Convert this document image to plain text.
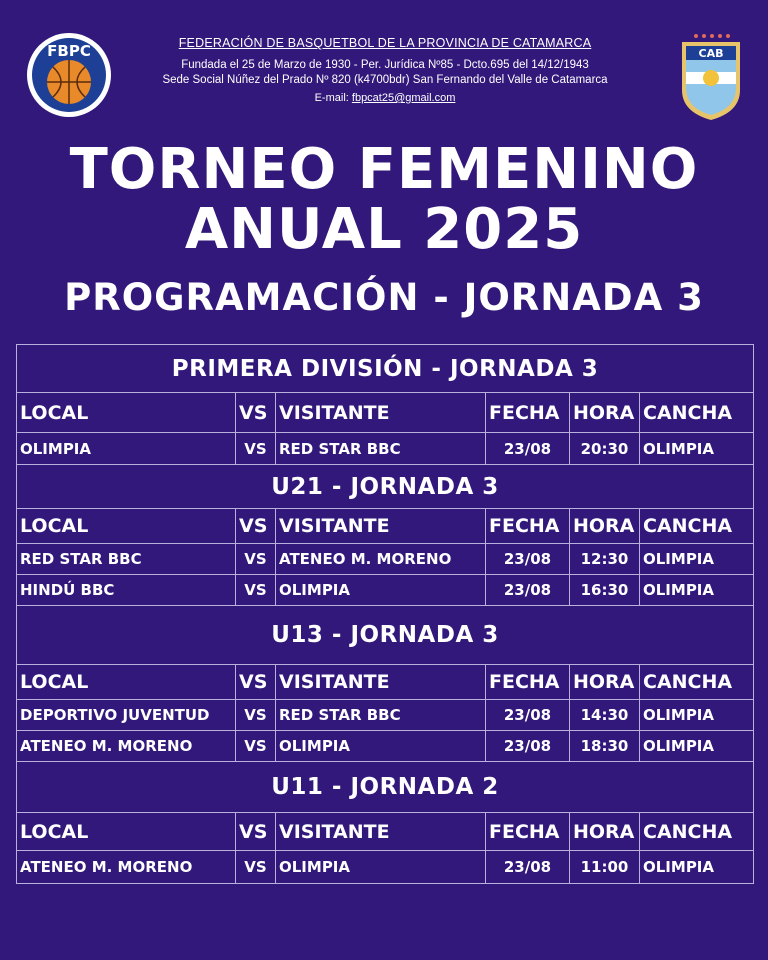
FBPC	CAB
FEDERACIÓN DE BASQUETBOL DE LA PROVINCIA DE CATAMARCA
Fundada el 25 de Marzo de 1930 - Per. Jurídica Nº85 - Dcto.695 del 14/12/1943
Sede Social Núñez del Prado Nº 820 (k4700bdr) San Fernando del Valle de Catamarca
E-mail: fbpcat25@gmail.com
TORNEO FEMENINO
ANUAL 2025
PROGRAMACIÓN - JORNADA 3
PRIMERA DIVISIÓN - JORNADA 3					
LOCAL	VS	VISITANTE	FECHA	HORA	CANCHA
OLIMPIA	VS	RED STAR BBC	23/08	20:30	OLIMPIA
U21 - JORNADA 3					
LOCAL	VS	VISITANTE	FECHA	HORA	CANCHA
RED STAR BBC	VS	ATENEO M. MORENO	23/08	12:30	OLIMPIA
HINDÚ BBC	VS	OLIMPIA	23/08	16:30	OLIMPIA
U13 - JORNADA 3					
LOCAL	VS	VISITANTE	FECHA	HORA	CANCHA
DEPORTIVO JUVENTUD	VS	RED STAR BBC	23/08	14:30	OLIMPIA
ATENEO M. MORENO	VS	OLIMPIA	23/08	18:30	OLIMPIA
U11 - JORNADA 2					
LOCAL	VS	VISITANTE	FECHA	HORA	CANCHA
ATENEO M. MORENO	VS	OLIMPIA	23/08	11:00	OLIMPIA
